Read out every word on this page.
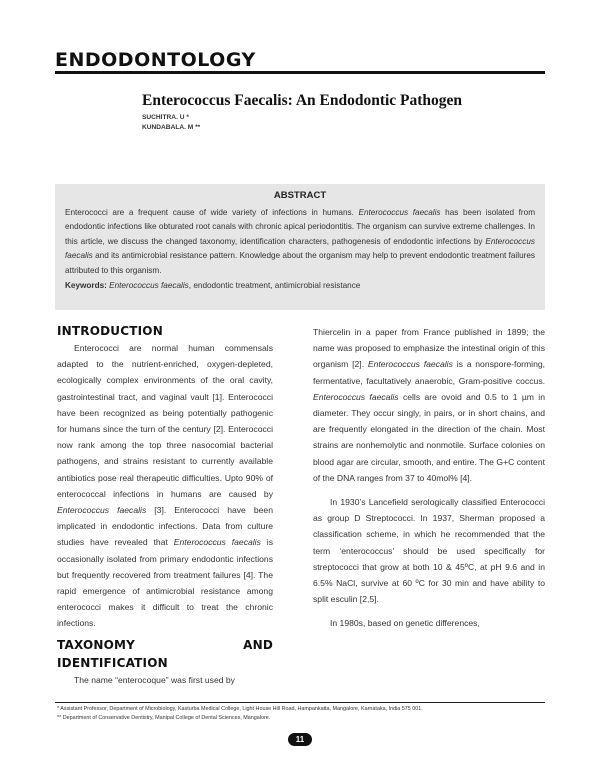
ENDODONTOLOGY
Enterococcus Faecalis: An Endodontic Pathogen
SUCHITRA. U *
KUNDABALA. M **
ABSTRACT
Enterococci are a frequent cause of wide variety of infections in humans. Enterococcus faecalis has been isolated from endodontic infections like obturated root canals with chronic apical periodontitis. The organism can survive extreme challenges. In this article, we discuss the changed taxonomy, identification characters, pathogenesis of endodontic infections by Enterococcus faecalis and its antimicrobial resistance pattern. Knowledge about the organism may help to prevent endodontic treatment failures attributed to this organism.
Keywords: Enterococcus faecalis, endodontic treatment, antimicrobial resistance
INTRODUCTION

Enterococci are normal human commensals adapted to the nutrient-enriched, oxygen-depleted, ecologically complex environments of the oral cavity, gastrointestinal tract, and vaginal vault [1]. Enterococci have been recognized as being potentially pathogenic for humans since the turn of the century [2]. Enterococci now rank among the top three nasocomial bacterial pathogens, and strains resistant to currently available antibiotics pose real therapeutic difficulties. Upto 90% of enterococcal infections in humans are caused by Enterococcus faecalis [3]. Enterococci have been implicated in endodontic infections. Data from culture studies have revealed that Enterococcus faecalis is occasionally isolated from primary endodontic infections but frequently recovered from treatment failures [4]. The rapid emergence of antimicrobial resistance among enterococci makes it difficult to treat the chronic infections.

TAXONOMY AND IDENTIFICATION

The name “enterocoque” was first used by

Thiercelin in a paper from France published in 1899; the name was proposed to emphasize the intestinal origin of this organism [2]. Enterococcus faecalis is a nonspore-forming, fermentative, facultatively anaerobic, Gram-positive coccus. Enterococcus faecalis cells are ovoid and 0.5 to 1 µm in diameter. They occur singly, in pairs, or in short chains, and are frequently elongated in the direction of the chain. Most strains are nonhemolytic and nonmotile. Surface colonies on blood agar are circular, smooth, and entire. The G+C content of the DNA ranges from 37 to 40mol% [4].

In 1930’s Lancefield serologically classified Enterococci as group D Streptococci. In 1937, Sherman proposed a classification scheme, in which he recommended that the term ‘enterococcus’ should be used specifically for streptococci that grow at both 10 & 45ºC, at pH 9.6 and in 6.5% NaCl, survive at 60 ºC for 30 min and have ability to split esculin [2,5].

In 1980s, based on genetic differences,

* Assistant Professor, Department of Microbiology, Kasturba Medical College, Light House Hill Road, Hampankatta, Mangalore, Karnataka, India 575 001.
** Department of Conservative Dentistry, Manipal College of Dental Sciences, Mangalore.
11
